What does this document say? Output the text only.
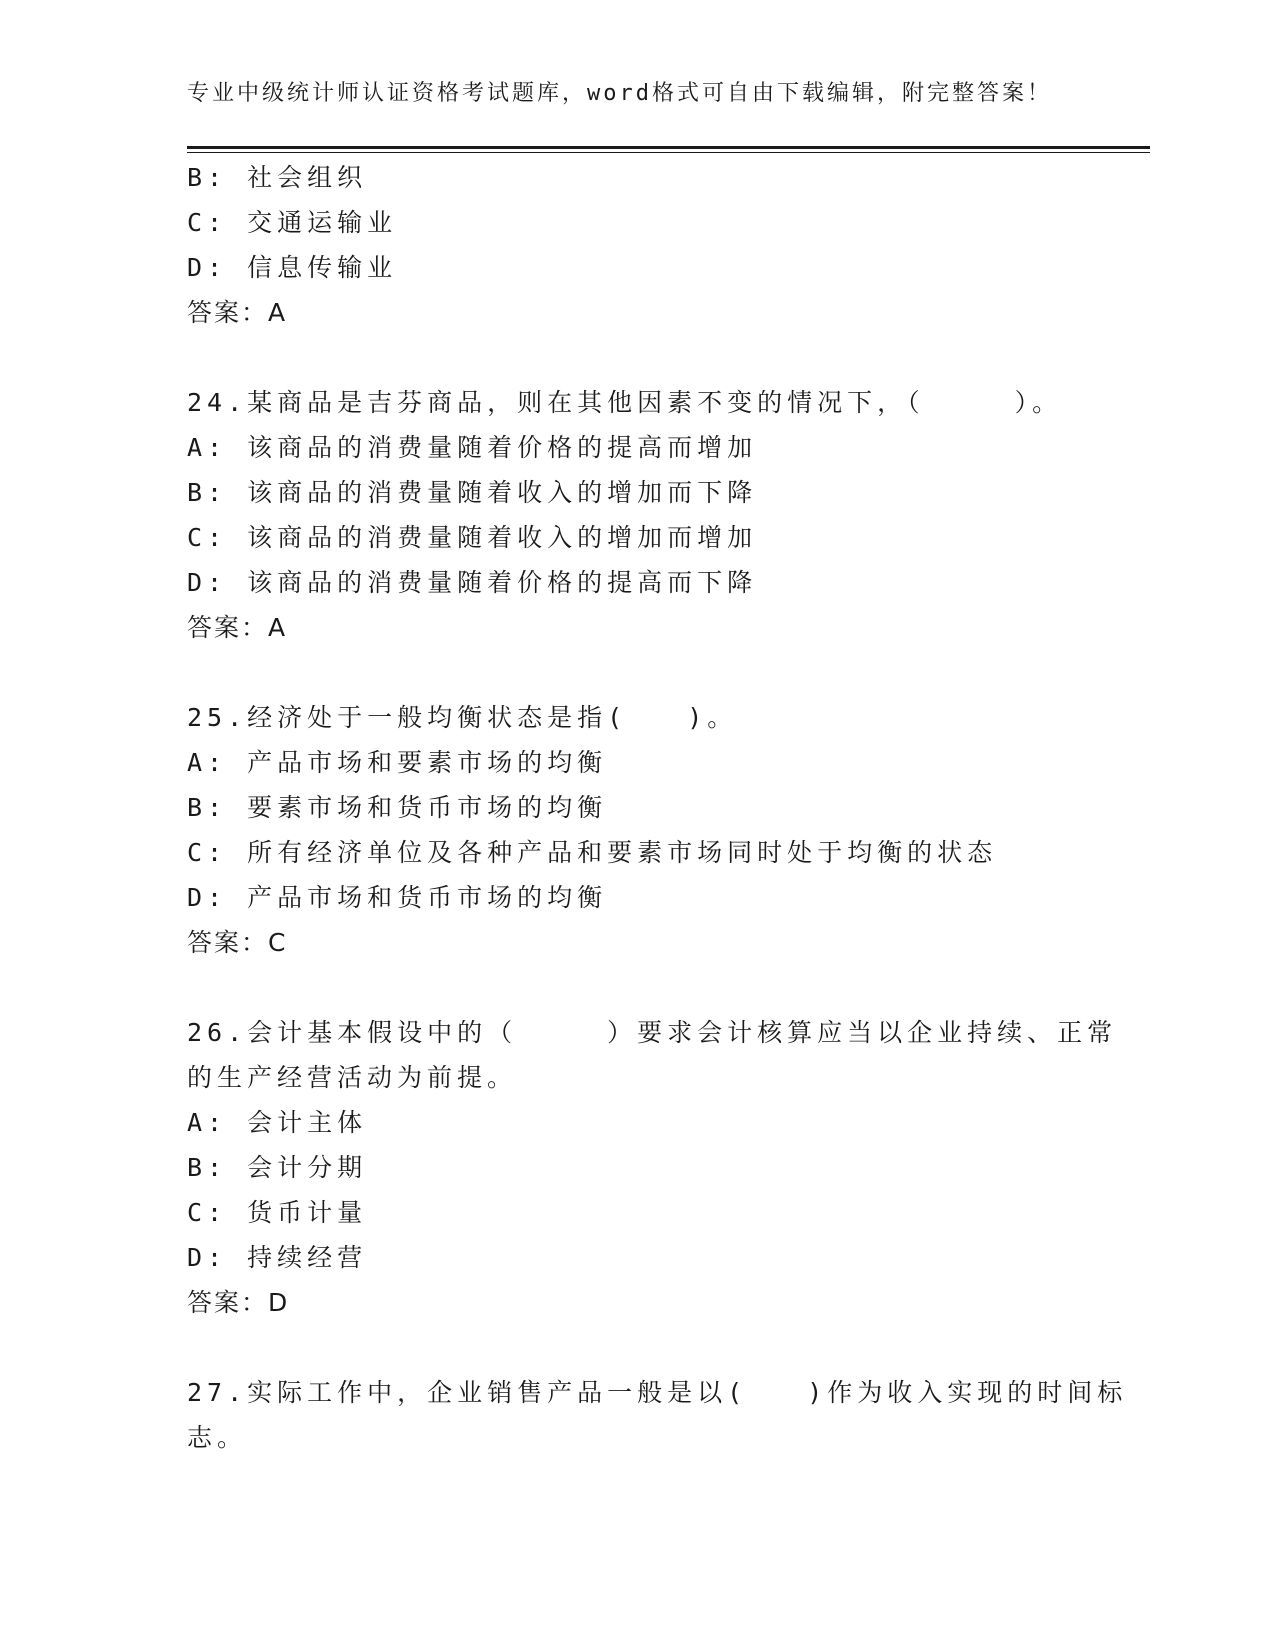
专业中级统计师认证资格考试题库，word格式可自由下载编辑，附完整答案！
B: 社会组织
C: 交通运输业
D: 信息传输业
答案：A
24.某商品是吉芬商品，则在其他因素不变的情况下，（　　　）。
A: 该商品的消费量随着价格的提高而增加
B: 该商品的消费量随着收入的增加而下降
C: 该商品的消费量随着收入的增加而增加
D: 该商品的消费量随着价格的提高而下降
答案：A
25.经济处于一般均衡状态是指(　　)。
A: 产品市场和要素市场的均衡
B: 要素市场和货币市场的均衡
C: 所有经济单位及各种产品和要素市场同时处于均衡的状态
D: 产品市场和货币市场的均衡
答案：C
26.会计基本假设中的（　　　）要求会计核算应当以企业持续、正常
的生产经营活动为前提。
A: 会计主体
B: 会计分期
C: 货币计量
D: 持续经营
答案：D
27.实际工作中，企业销售产品一般是以(　　)作为收入实现的时间标
志。
